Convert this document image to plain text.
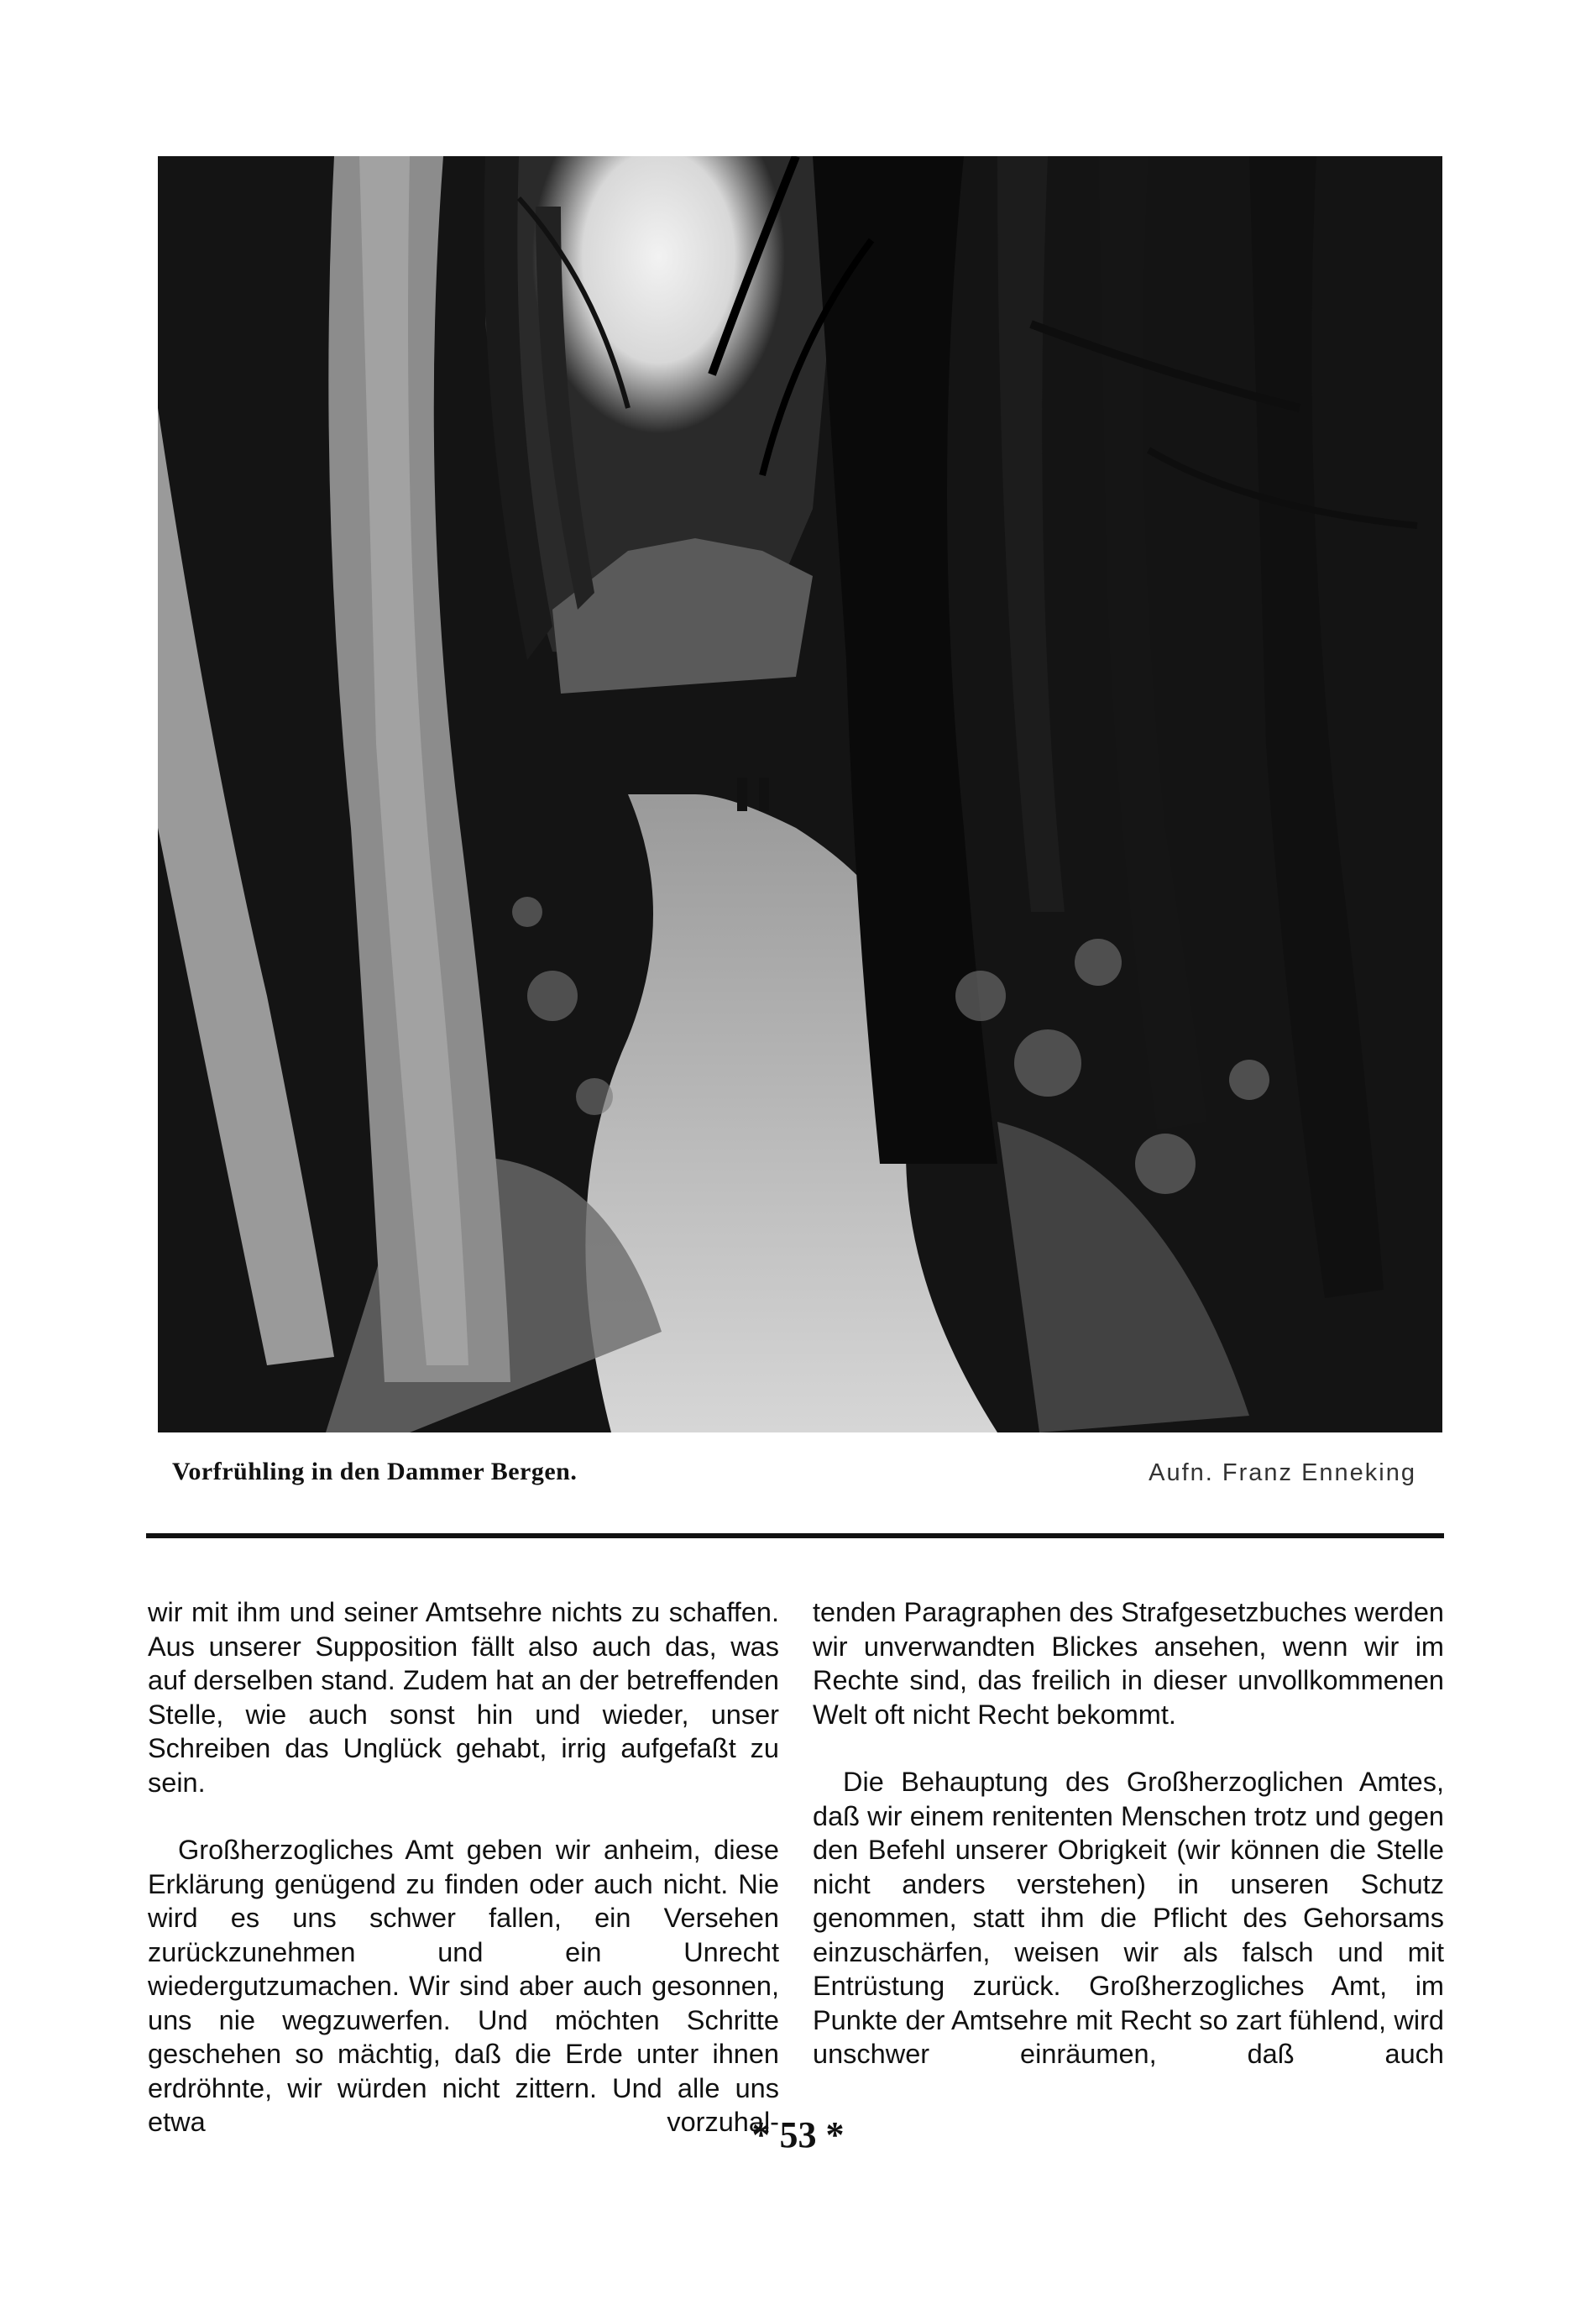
Vorfrühling in den Dammer Bergen.	Aufn. Franz Enneking

wir mit ihm und seiner Amtsehre nichts zu schaffen. Aus unserer Supposition fällt also auch das, was auf derselben stand. Zudem hat an der betreffenden Stelle, wie auch sonst hin und wieder, unser Schreiben das Unglück gehabt, irrig aufgefaßt zu sein.

Großherzogliches Amt geben wir anheim, diese Erklärung genügend zu finden oder auch nicht. Nie wird es uns schwer fallen, ein Versehen zurückzunehmen und ein Unrecht wiedergutzumachen. Wir sind aber auch gesonnen, uns nie wegzuwerfen. Und möchten Schritte geschehen so mächtig, daß die Erde unter ihnen erdröhnte, wir würden nicht zittern. Und alle uns etwa vorzuhal-

tenden Paragraphen des Strafgesetzbuches werden wir unverwandten Blickes ansehen, wenn wir im Rechte sind, das freilich in dieser unvollkommenen Welt oft nicht Recht bekommt.

Die Behauptung des Großherzoglichen Amtes, daß wir einem renitenten Menschen trotz und gegen den Befehl unserer Obrigkeit (wir können die Stelle nicht anders verstehen) in unseren Schutz genommen, statt ihm die Pflicht des Gehorsams einzuschärfen, weisen wir als falsch und mit Entrüstung zurück. Großherzogliches Amt, im Punkte der Amtsehre mit Recht so zart fühlend, wird unschwer einräumen, daß auch

* 53 *
